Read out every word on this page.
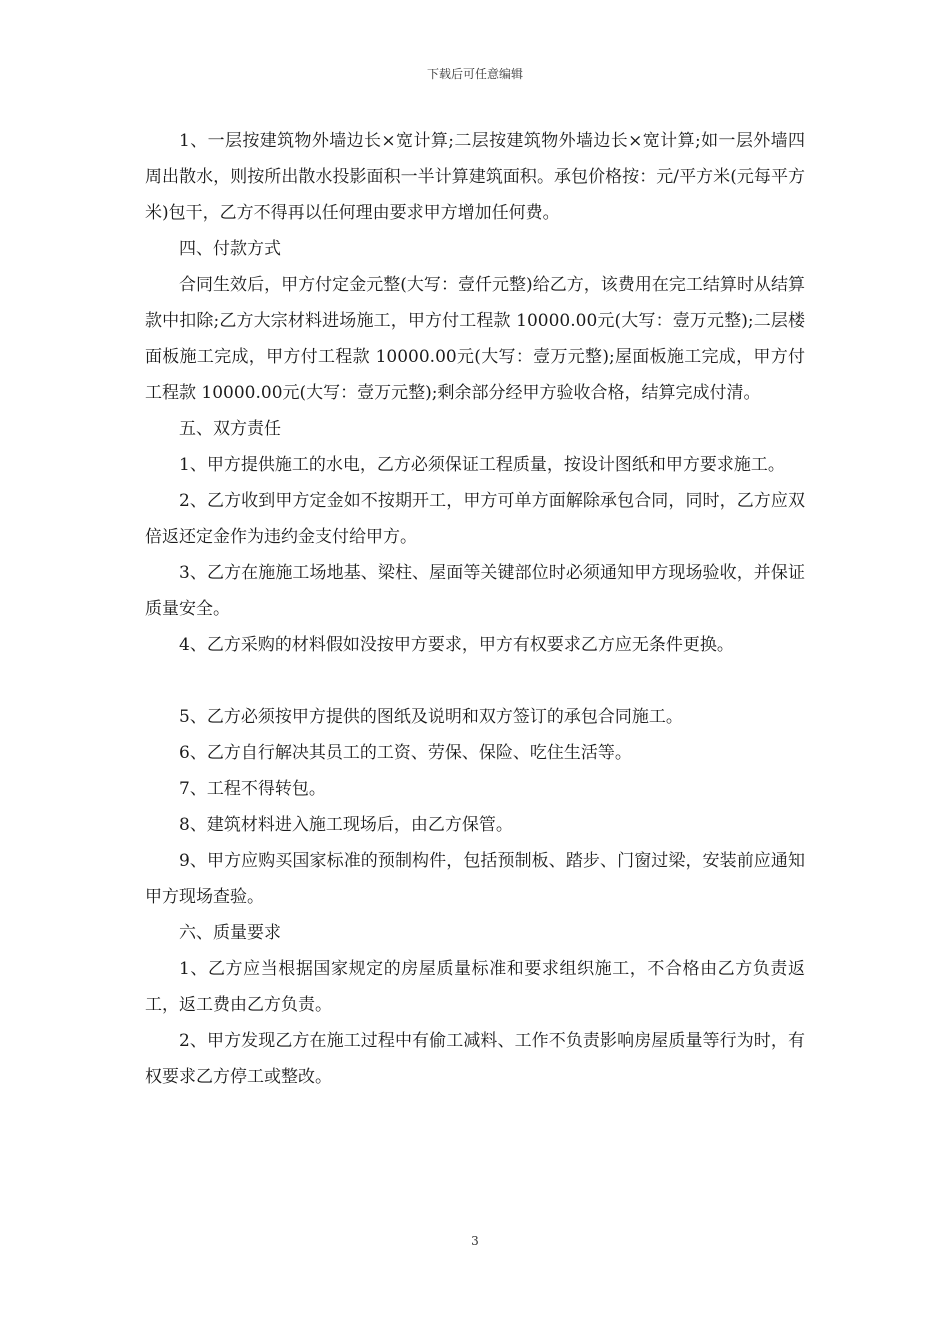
下载后可任意编辑

1、一层按建筑物外墙边长×宽计算;二层按建筑物外墙边长×宽计算;如一层外墙四周出散水，则按所出散水投影面积一半计算建筑面积。承包价格按：元/平方米(元每平方米)包干，乙方不得再以任何理由要求甲方增加任何费。

四、付款方式

合同生效后，甲方付定金元整(大写：壹仟元整)给乙方，该费用在完工结算时从结算款中扣除;乙方大宗材料进场施工，甲方付工程款 10000.00元(大写：壹万元整);二层楼面板施工完成，甲方付工程款 10000.00元(大写：壹万元整);屋面板施工完成，甲方付工程款 10000.00元(大写：壹万元整);剩余部分经甲方验收合格，结算完成付清。

五、双方责任

1、甲方提供施工的水电，乙方必须保证工程质量，按设计图纸和甲方要求施工。

2、乙方收到甲方定金如不按期开工，甲方可单方面解除承包合同，同时，乙方应双倍返还定金作为违约金支付给甲方。

3、乙方在施施工场地基、梁柱、屋面等关键部位时必须通知甲方现场验收，并保证质量安全。

4、乙方采购的材料假如没按甲方要求，甲方有权要求乙方应无条件更换。

5、乙方必须按甲方提供的图纸及说明和双方签订的承包合同施工。

6、乙方自行解决其员工的工资、劳保、保险、吃住生活等。

7、工程不得转包。

8、建筑材料进入施工现场后，由乙方保管。

9、甲方应购买国家标准的预制构件，包括预制板、踏步、门窗过梁，安装前应通知甲方现场查验。

六、质量要求

1、乙方应当根据国家规定的房屋质量标准和要求组织施工，不合格由乙方负责返工，返工费由乙方负责。

2、甲方发现乙方在施工过程中有偷工减料、工作不负责影响房屋质量等行为时，有权要求乙方停工或整改。

3
